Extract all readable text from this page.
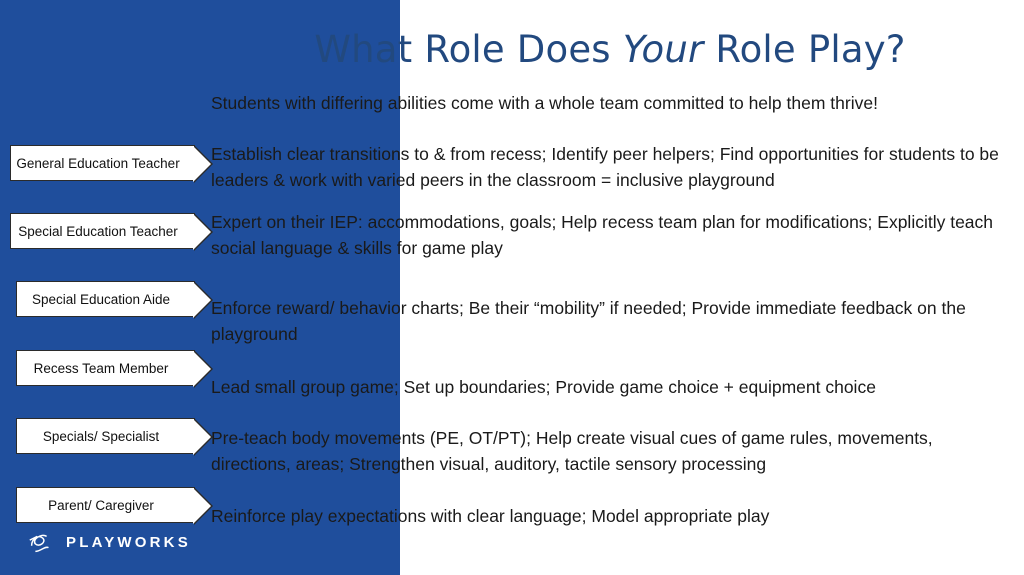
What Role Does Your Role Play?
Students with differing abilities come with a whole team committed to help them thrive!
General Education Teacher
Special Education Teacher
Special Education Aide
Recess Team Member
Specials/ Specialist
Parent/ Caregiver
Establish clear transitions to & from recess; Identify peer helpers; Find opportunities for students to be leaders & work with varied peers in the classroom = inclusive playground
Expert on their IEP: accommodations, goals; Help recess team plan for modifications; Explicitly teach social language & skills for game play
Enforce reward/ behavior charts; Be their “mobility” if needed; Provide immediate feedback on the playground
Lead small group game; Set up boundaries; Provide game choice + equipment choice
Pre-teach body movements (PE, OT/PT); Help create visual cues of game rules, movements, directions, areas; Strengthen visual, auditory, tactile sensory processing
Reinforce play expectations with clear language; Model appropriate play
PLAYWORKS
